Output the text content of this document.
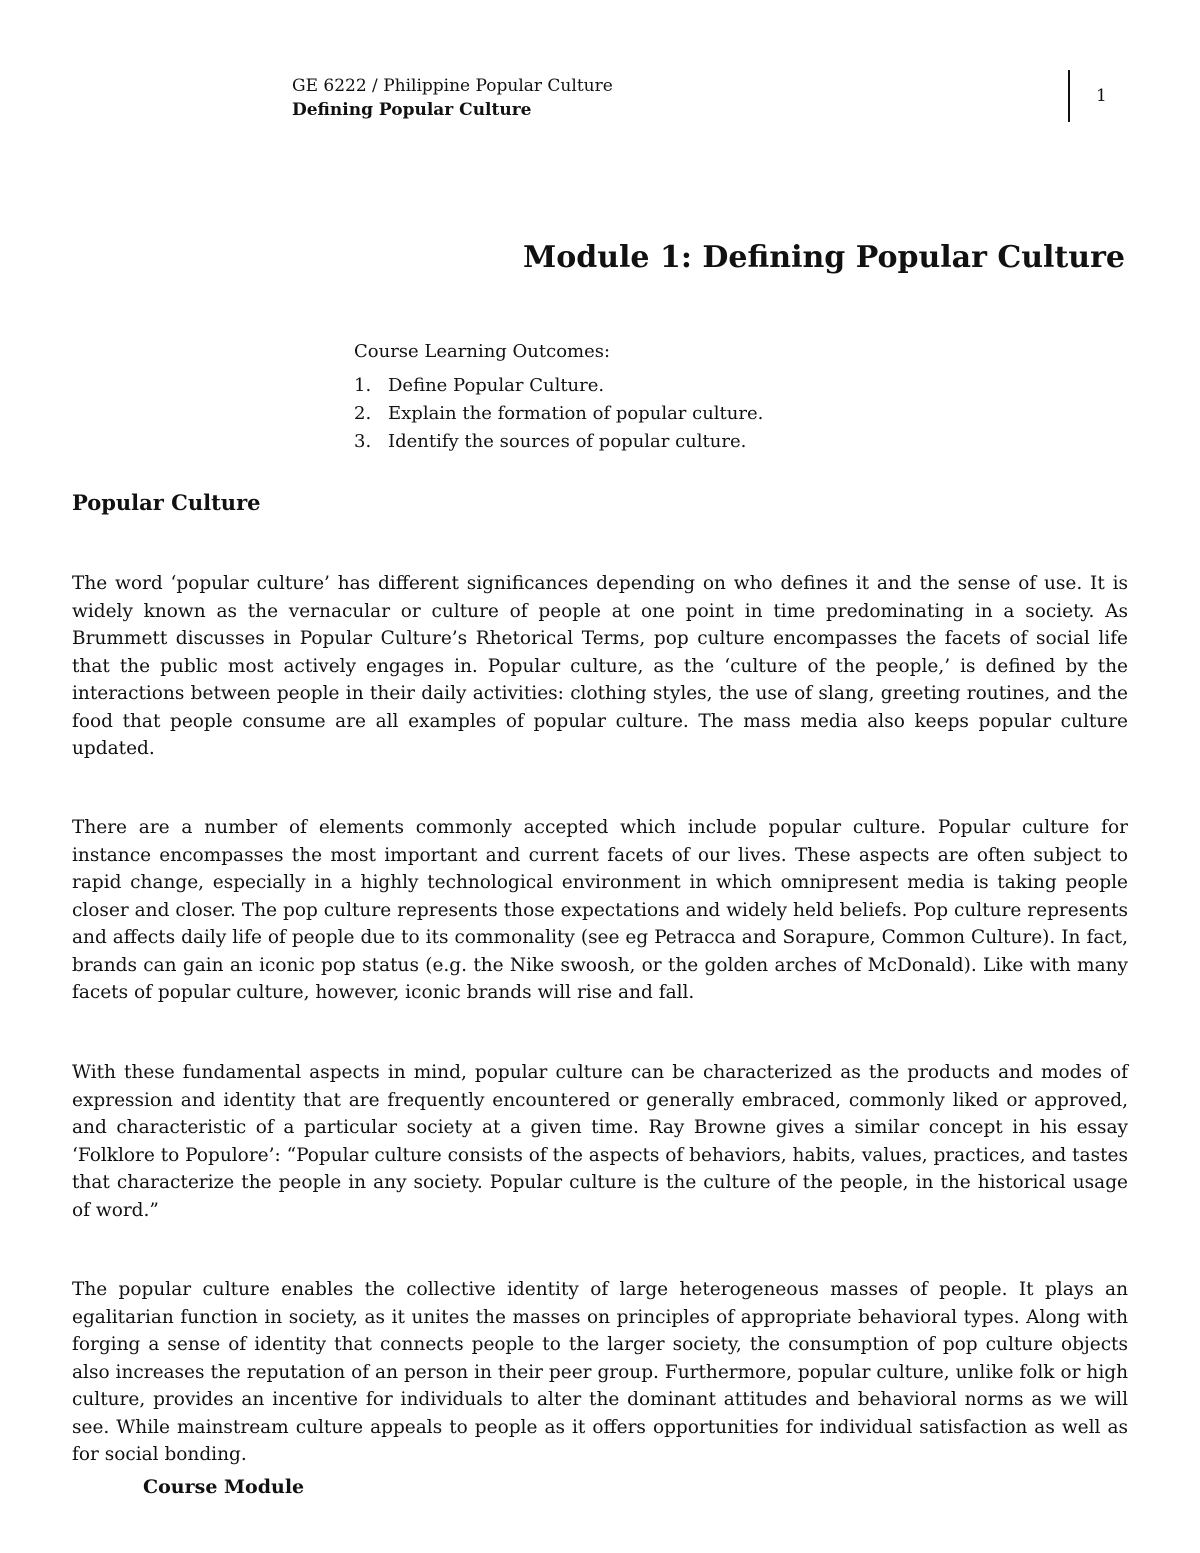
GE 6222 / Philippine Popular Culture
Defining Popular Culture
1
Module 1: Defining Popular Culture
Course Learning Outcomes:
1. Define Popular Culture.
2. Explain the formation of popular culture.
3. Identify the sources of popular culture.
Popular Culture

The word ‘popular culture’ has different significances depending on who defines it and the sense of use. It is widely known as the vernacular or culture of people at one point in time predominating in a society. As Brummett discusses in Popular Culture’s Rhetorical Terms, pop culture encompasses the facets of social life that the public most actively engages in. Popular culture, as the ‘culture of the people,’ is defined by the interactions between people in their daily activities: clothing styles, the use of slang, greeting routines, and the food that people consume are all examples of popular culture. The mass media also keeps popular culture updated.

There are a number of elements commonly accepted which include popular culture. Popular culture for instance encompasses the most important and current facets of our lives. These aspects are often subject to rapid change, especially in a highly technological environment in which omnipresent media is taking people closer and closer. The pop culture represents those expectations and widely held beliefs. Pop culture represents and affects daily life of people due to its commonality (see eg Petracca and Sorapure, Common Culture). In fact, brands can gain an iconic pop status (e.g. the Nike swoosh, or the golden arches of McDonald). Like with many facets of popular culture, however, iconic brands will rise and fall.

With these fundamental aspects in mind, popular culture can be characterized as the products and modes of expression and identity that are frequently encountered or generally embraced, commonly liked or approved, and characteristic of a particular society at a given time. Ray Browne gives a similar concept in his essay ‘Folklore to Populore’: “Popular culture consists of the aspects of behaviors, habits, values, practices, and tastes that characterize the people in any society. Popular culture is the culture of the people, in the historical usage of word.”

The popular culture enables the collective identity of large heterogeneous masses of people. It plays an egalitarian function in society, as it unites the masses on principles of appropriate behavioral types. Along with forging a sense of identity that connects people to the larger society, the consumption of pop culture objects also increases the reputation of an person in their peer group. Furthermore, popular culture, unlike folk or high culture, provides an incentive for individuals to alter the dominant attitudes and behavioral norms as we will see. While mainstream culture appeals to people as it offers opportunities for individual satisfaction as well as for social bonding.

Course Module
